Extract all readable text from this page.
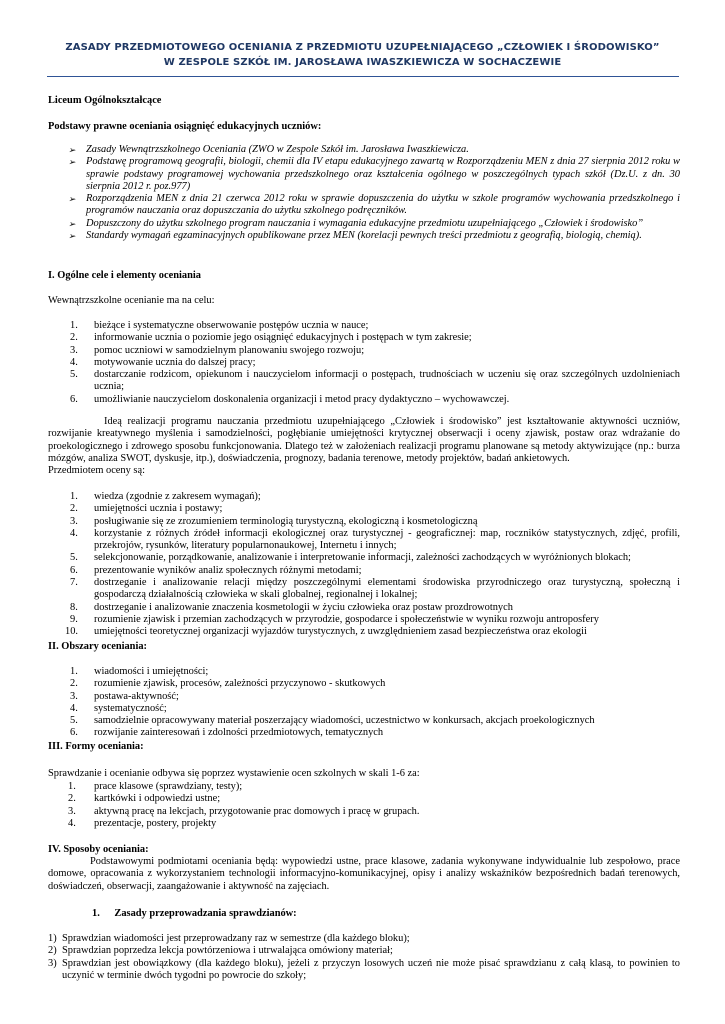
ZASADY PRZEDMIOTOWEGO OCENIANIA Z PRZEDMIOTU UZUPEŁNIAJĄCEGO „CZŁOWIEK I ŚRODOWISKO”
W ZESPOLE SZKÓŁ IM. JAROSŁAWA IWASZKIEWICZA W SOCHACZEWIE
Liceum Ogólnokształcące
Podstawy prawne oceniania osiągnięć edukacyjnych uczniów:
➢	Zasady Wewnątrzszkolnego Oceniania (ZWO w Zespole Szkół im. Jarosława Iwaszkiewicza.
➢	Podstawę programową geografii, biologii, chemii dla IV etapu edukacyjnego zawartą w Rozporządzeniu MEN z dnia 27 sierpnia 2012 roku w sprawie podstawy programowej wychowania przedszkolnego oraz kształcenia ogólnego w poszczególnych typach szkół (Dz.U. z dn. 30 sierpnia 2012 r. poz.977)
➢	Rozporządzenia MEN z dnia 21 czerwca 2012 roku w sprawie dopuszczenia do użytku w szkole programów wychowania przedszkolnego i programów nauczania oraz dopuszczania do użytku szkolnego podręczników.
➢	Dopuszczony do użytku szkolnego program nauczania i wymagania edukacyjne przedmiotu uzupełniającego „Człowiek i środowisko”
➢	Standardy wymagań egzaminacyjnych opublikowane przez MEN (korelacji pewnych treści przedmiotu z geografią, biologią, chemią).
I. Ogólne cele i elementy oceniania
Wewnątrzszkolne ocenianie ma na celu:
1.	bieżące i systematyczne obserwowanie postępów ucznia w nauce;
2.	informowanie ucznia o poziomie jego osiągnięć edukacyjnych i postępach w tym zakresie;
3.	pomoc uczniowi w samodzielnym planowaniu swojego rozwoju;
4.	motywowanie ucznia do dalszej pracy;
5.	dostarczanie rodzicom, opiekunom i nauczycielom informacji o postępach, trudnościach w uczeniu się oraz szczególnych uzdolnieniach ucznia;
6.	umożliwianie nauczycielom doskonalenia organizacji i metod pracy dydaktyczno – wychowawczej.
Ideą realizacji programu nauczania przedmiotu uzupełniającego „Człowiek i środowisko” jest kształtowanie aktywności uczniów, rozwijanie kreatywnego myślenia i samodzielności, pogłębianie umiejętności krytycznej obserwacji i oceny zjawisk, postaw oraz wdrażanie do proekologicznego i zdrowego sposobu funkcjonowania. Dlatego też w założeniach realizacji programu planowane są metody aktywizujące (np.: burza mózgów, analiza SWOT, dyskusje, itp.), doświadczenia, prognozy, badania terenowe, metody projektów, badań ankietowych.
Przedmiotem oceny są:
1.	wiedza (zgodnie z zakresem wymagań);
2.	umiejętności ucznia i postawy;
3.	posługiwanie się ze zrozumieniem terminologią turystyczną, ekologiczną i kosmetologiczną
4.	korzystanie z różnych źródeł informacji ekologicznej oraz turystycznej - geograficznej: map, roczników statystycznych, zdjęć, profili, przekrojów, rysunków, literatury popularnonaukowej, Internetu i innych;
5.	selekcjonowanie, porządkowanie, analizowanie i interpretowanie informacji, zależności zachodzących w wyróżnionych blokach;
6.	prezentowanie wyników analiz społecznych różnymi metodami;
7.	dostrzeganie i analizowanie relacji między poszczególnymi elementami środowiska przyrodniczego oraz turystyczną, społeczną i gospodarczą działalnością człowieka w skali globalnej, regionalnej i lokalnej;
8.	dostrzeganie i analizowanie znaczenia kosmetologii w życiu człowieka oraz postaw prozdrowotnych
9.	rozumienie zjawisk i przemian zachodzących w przyrodzie, gospodarce i społeczeństwie w wyniku rozwoju antroposfery
10.	umiejętności teoretycznej organizacji wyjazdów turystycznych, z uwzględnieniem zasad bezpieczeństwa oraz ekologii
II. Obszary oceniania:
1.	wiadomości i umiejętności;
2.	rozumienie zjawisk, procesów, zależności przyczynowo - skutkowych
3.	postawa-aktywność;
4.	systematyczność;
5.	samodzielnie opracowywany materiał poszerzający wiadomości, uczestnictwo w konkursach, akcjach proekologicznych
6.	rozwijanie zainteresowań i zdolności przedmiotowych, tematycznych
III. Formy oceniania:
Sprawdzanie i ocenianie odbywa się poprzez wystawienie ocen szkolnych w skali 1-6 za:
1.	prace klasowe (sprawdziany, testy);
2.	kartkówki i odpowiedzi ustne;
3.	aktywną pracę na lekcjach, przygotowanie prac domowych i pracę w grupach.
4.	prezentacje, postery, projekty
IV. Sposoby oceniania:
Podstawowymi podmiotami oceniania będą: wypowiedzi ustne, prace klasowe, zadania wykonywane indywidualnie lub zespołowo, prace domowe, opracowania z wykorzystaniem technologii informacyjno-komunikacyjnej, opisy i analizy wskaźników bezpośrednich badań terenowych, doświadczeń, obserwacji, zaangażowanie i aktywność na zajęciach.
1. Zasady przeprowadzania sprawdzianów:
1) Sprawdzian wiadomości jest przeprowadzany raz w semestrze (dla każdego bloku);
2) Sprawdzian poprzedza lekcja powtórzeniowa i utrwalająca omówiony materiał;
3) Sprawdzian jest obowiązkowy (dla każdego bloku), jeżeli z przyczyn losowych uczeń nie może pisać sprawdzianu z całą klasą, to powinien to uczynić w terminie dwóch tygodni po powrocie do szkoły;
